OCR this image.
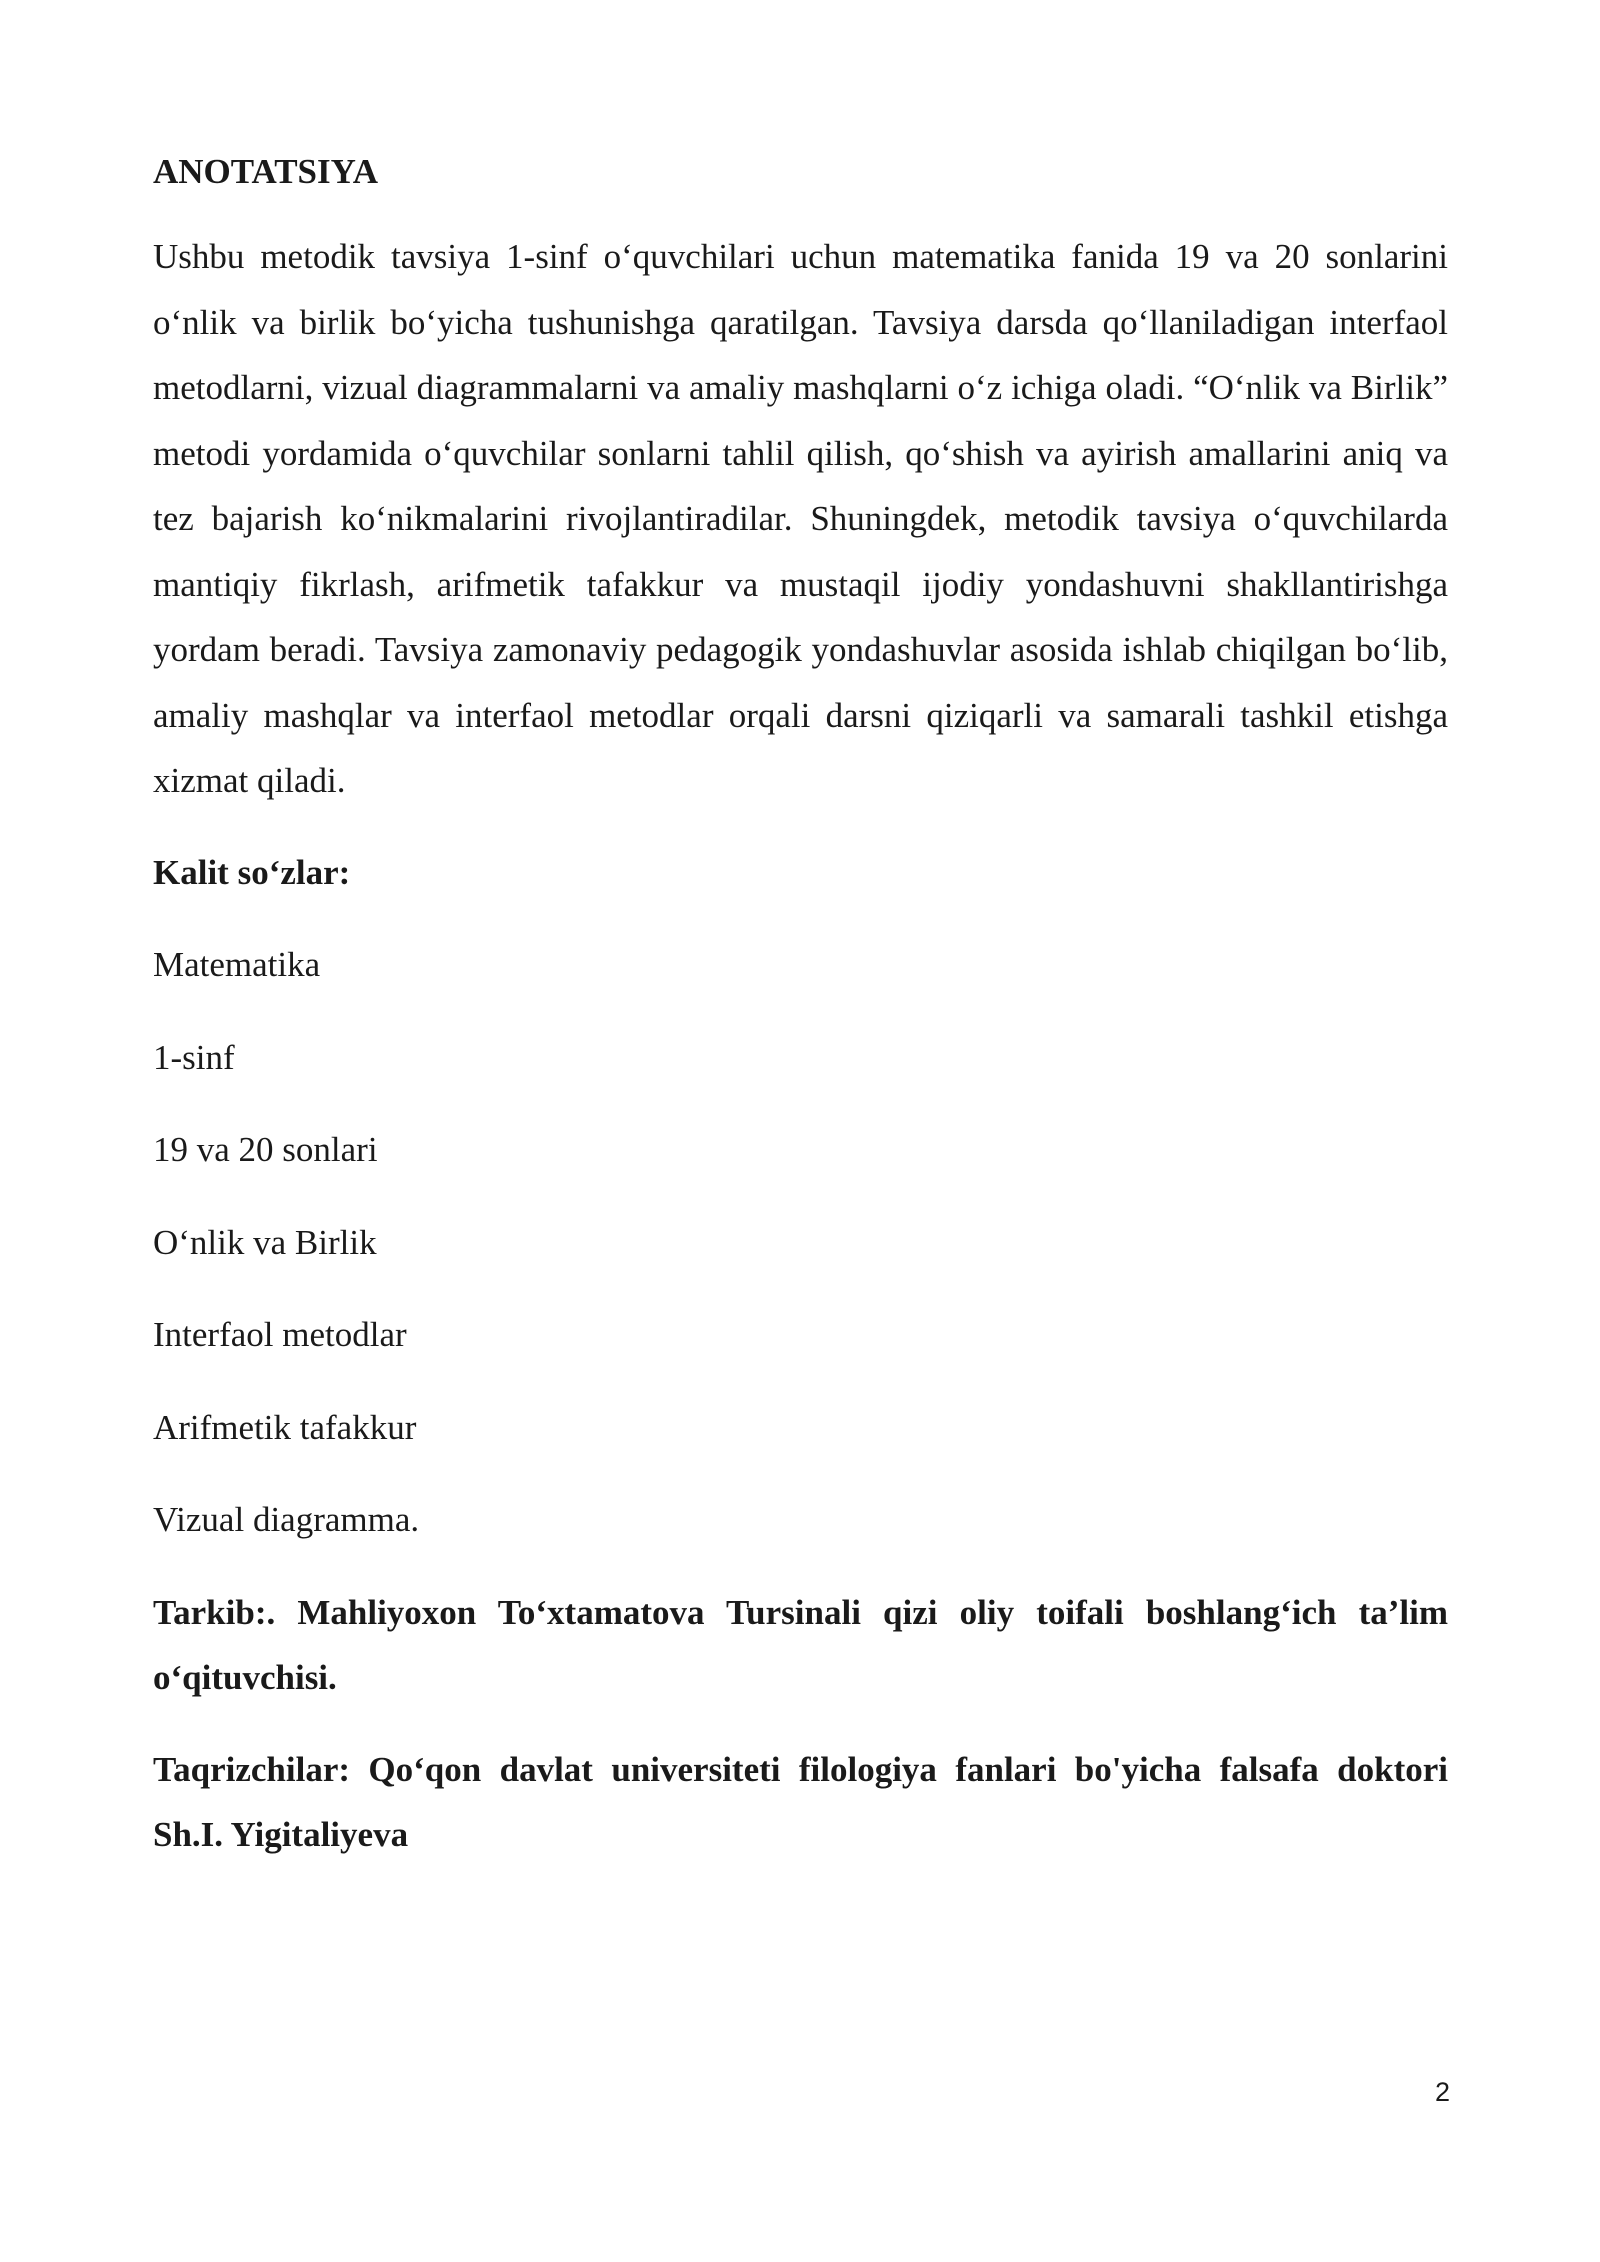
ANOTATSIYA

Ushbu metodik tavsiya 1-sinf o‘quvchilari uchun matematika fanida 19 va 20 sonlarini o‘nlik va birlik bo‘yicha tushunishga qaratilgan. Tavsiya darsda qo‘llaniladigan interfaol metodlarni, vizual diagrammalarni va amaliy mashqlarni o‘z ichiga oladi. “O‘nlik va Birlik” metodi yordamida o‘quvchilar sonlarni tahlil qilish, qo‘shish va ayirish amallarini aniq va tez bajarish ko‘nikmalarini rivojlantiradilar. Shuningdek, metodik tavsiya o‘quvchilarda mantiqiy fikrlash, arifmetik tafakkur va mustaqil ijodiy yondashuvni shakllantirishga yordam beradi. Tavsiya zamonaviy pedagogik yondashuvlar asosida ishlab chiqilgan bo‘lib, amaliy mashqlar va interfaol metodlar orqali darsni qiziqarli va samarali tashkil etishga xizmat qiladi.

Kalit so‘zlar:
Matematika
1-sinf
19 va 20 sonlari
O‘nlik va Birlik
Interfaol metodlar
Arifmetik tafakkur
Vizual diagramma.

Tarkib:. Mahliyoxon To‘xtamatova Tursinali qizi oliy toifali boshlang‘ich ta’lim o‘qituvchisi.

Taqrizchilar: Qo‘qon davlat universiteti filologiya fanlari bo'yicha falsafa doktori Sh.I. Yigitaliyeva

2
